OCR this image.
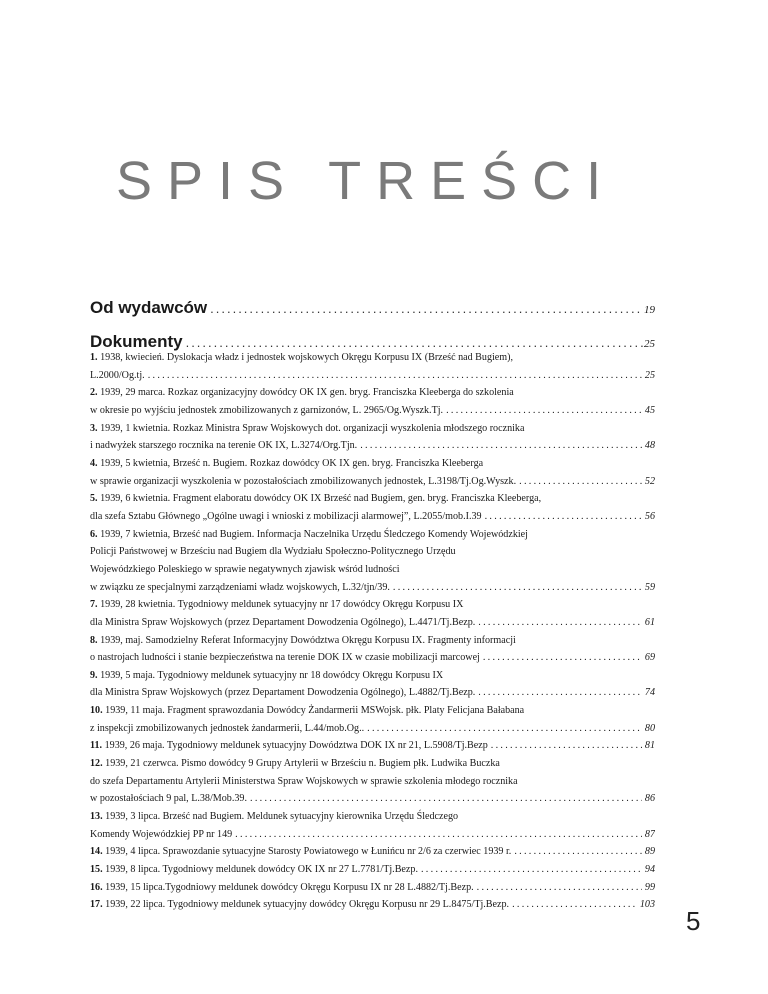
SPIS TREŚCI
Od wydawców .....	19
Dokumenty .....	25
1. 1938, kwiecień. Dyslokacja władz i jednostek wojskowych Okręgu Korpusu IX (Brześć nad Bugiem),
L.2000/Og.tj. .....	25
2. 1939, 29 marca. Rozkaz organizacyjny dowódcy OK IX gen. bryg. Franciszka Kleeberga do szkolenia
w okresie po wyjściu jednostek zmobilizowanych z garnizonów, L. 2965/Og.Wyszk.Tj. .....	45
3. 1939, 1 kwietnia. Rozkaz Ministra Spraw Wojskowych dot. organizacji wyszkolenia młodszego rocznika
i nadwyżek starszego rocznika na terenie OK IX, L.3274/Org.Tjn. .....	48
4. 1939, 5 kwietnia, Brześć n. Bugiem. Rozkaz dowódcy OK IX gen. bryg. Franciszka Kleeberga
w sprawie organizacji wyszkolenia w pozostałościach zmobilizowanych jednostek, L.3198/Tj.Og.Wyszk. .....	52
5. 1939, 6 kwietnia. Fragment elaboratu dowódcy OK IX Brześć nad Bugiem, gen. bryg. Franciszka Kleeberga,
dla szefa Sztabu Głównego „Ogólne uwagi i wnioski z mobilizacji alarmowej”, L.2055/mob.I.39 .....	56
6. 1939, 7 kwietnia, Brześć nad Bugiem. Informacja Naczelnika Urzędu Śledczego Komendy Wojewódzkiej
Policji Państwowej w Brześciu nad Bugiem dla Wydziału Społeczno-Politycznego Urzędu
Wojewódzkiego Poleskiego w sprawie negatywnych zjawisk wśród ludności
w związku ze specjalnymi zarządzeniami władz wojskowych, L.32/tjn/39. .....	59
7. 1939, 28 kwietnia. Tygodniowy meldunek sytuacyjny nr 17 dowódcy Okręgu Korpusu IX
dla Ministra Spraw Wojskowych (przez Departament Dowodzenia Ogólnego), L.4471/Tj.Bezp. .....	61
8. 1939, maj. Samodzielny Referat Informacyjny Dowództwa Okręgu Korpusu IX. Fragmenty informacji
o nastrojach ludności i stanie bezpieczeństwa na terenie DOK IX w czasie mobilizacji marcowej .....	69
9. 1939, 5 maja. Tygodniowy meldunek sytuacyjny nr 18 dowódcy Okręgu Korpusu IX
dla Ministra Spraw Wojskowych (przez Departament Dowodzenia Ogólnego), L.4882/Tj.Bezp. .....	74
10. 1939, 11 maja. Fragment sprawozdania Dowódcy Żandarmerii MSWojsk. płk. Platy Felicjana Bałabana
z inspekcji zmobilizowanych jednostek żandarmerii, L.44/mob.Og.. .....	80
11. 1939, 26 maja. Tygodniowy meldunek sytuacyjny Dowództwa DOK IX nr 21, L.5908/Tj.Bezp .....	81
12. 1939, 21 czerwca. Pismo dowódcy 9 Grupy Artylerii w Brześciu n. Bugiem płk. Ludwika Buczka
do szefa Departamentu Artylerii Ministerstwa Spraw Wojskowych w sprawie szkolenia młodego rocznika
w pozostałościach 9 pal, L.38/Mob.39. .....	86
13. 1939, 3 lipca. Brześć nad Bugiem. Meldunek sytuacyjny kierownika Urzędu Śledczego
Komendy Wojewódzkiej PP nr 149 .....	87
14. 1939, 4 lipca. Sprawozdanie sytuacyjne Starosty Powiatowego w Łunińcu nr 2/6 za czerwiec 1939 r. .....	89
15. 1939, 8 lipca. Tygodniowy meldunek dowódcy OK IX nr 27 L.7781/Tj.Bezp. .....	94
16. 1939, 15 lipca.Tygodniowy meldunek dowódcy Okręgu Korpusu IX nr 28 L.4882/Tj.Bezp. .....	99
17. 1939, 22 lipca. Tygodniowy meldunek sytuacyjny dowódcy Okręgu Korpusu nr 29 L.8475/Tj.Bezp. .....	103

5
